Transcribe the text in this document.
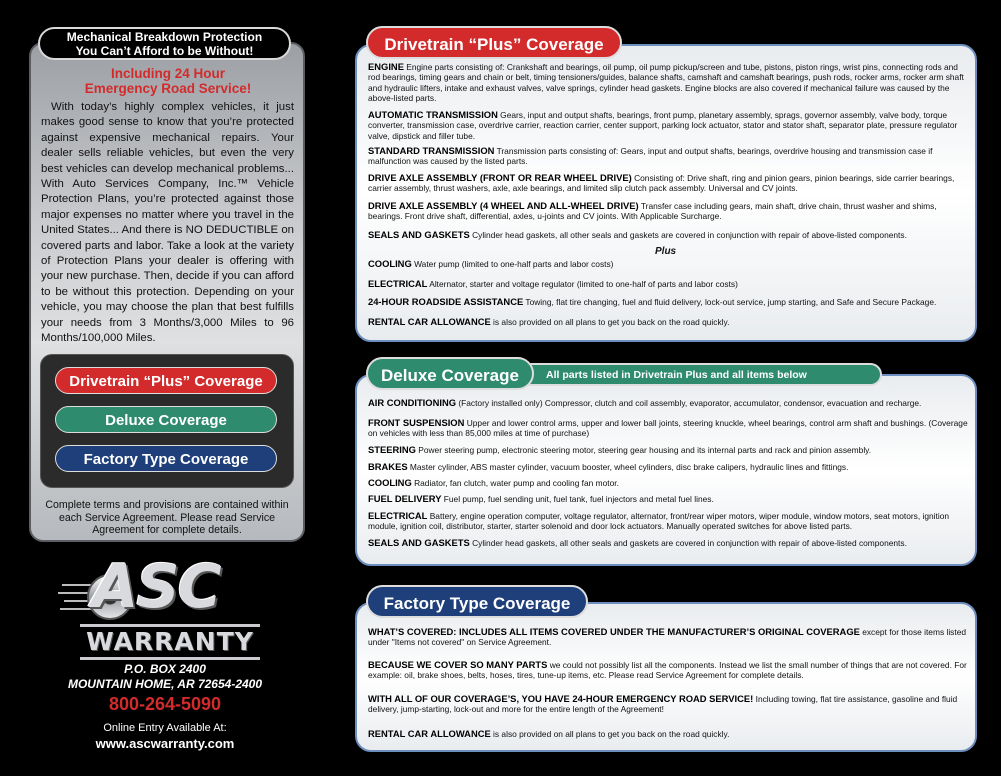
Mechanical Breakdown Protection
You Can’t Afford to be Without!
Including 24 Hour
Emergency Road Service!
With today’s highly complex vehicles, it just makes good sense to know that you’re protected against expensive mechanical repairs. Your dealer sells reliable vehicles, but even the very best vehicles can develop mechanical problems... With Auto Services Company, Inc.™ Vehicle Protection Plans, you’re protected against those major expenses no matter where you travel in the United States... And there is NO DEDUCTIBLE on covered parts and labor. Take a look at the variety of Protection Plans your dealer is offering with your new purchase. Then, decide if you can afford to be without this protection. Depending on your vehicle, you may choose the plan that best fulfills your needs from 3 Months/3,000 Miles to 96 Months/100,000 Miles.
Drivetrain “Plus” Coverage
Deluxe Coverage
Factory Type Coverage
Complete terms and provisions are contained within each Service Agreement. Please read Service Agreement for complete details.
ASC
WARRANTY
P.O. BOX 2400
MOUNTAIN HOME, AR 72654-2400
800-264-5090
Online Entry Available At:
www.ascwarranty.com
Drivetrain “Plus” Coverage
ENGINE Engine parts consisting of: Crankshaft and bearings, oil pump, oil pump pickup/screen and tube, pistons, piston rings, wrist pins, connecting rods and rod bearings, timing gears and chain or belt, timing tensioners/guides, balance shafts, camshaft and camshaft bearings, push rods, rocker arms, rocker arm shaft and hydraulic lifters, intake and exhaust valves, valve springs, cylinder head gaskets. Engine blocks are also covered if mechanical failure was caused by the above-listed parts.
AUTOMATIC TRANSMISSION Gears, input and output shafts, bearings, front pump, planetary assembly, sprags, governor assembly, valve body, torque converter, transmission case, overdrive carrier, reaction carrier, center support, parking lock actuator, stator and stator shaft, separator plate, pressure regulator valve, dipstick and filler tube.
STANDARD TRANSMISSION Transmission parts consisting of: Gears, input and output shafts, bearings, overdrive housing and transmission case if malfunction was caused by the listed parts.
DRIVE AXLE ASSEMBLY (FRONT OR REAR WHEEL DRIVE) Consisting of: Drive shaft, ring and pinion gears, pinion bearings, side carrier bearings, carrier assembly, thrust washers, axle, axle bearings, and limited slip clutch pack assembly. Universal and CV joints.
DRIVE AXLE ASSEMBLY (4 WHEEL AND ALL-WHEEL DRIVE) Transfer case including gears, main shaft, drive chain, thrust washer and shims, bearings. Front drive shaft, differential, axles, u-joints and CV joints. With Applicable Surcharge.
SEALS AND GASKETS Cylinder head gaskets, all other seals and gaskets are covered in conjunction with repair of above-listed components.
Plus
COOLING Water pump (limited to one-half parts and labor costs)
ELECTRICAL Alternator, starter and voltage regulator (limited to one-half of parts and labor costs)
24-HOUR ROADSIDE ASSISTANCE Towing, flat tire changing, fuel and fluid delivery, lock-out service, jump starting, and Safe and Secure Package.
RENTAL CAR ALLOWANCE is also provided on all plans to get you back on the road quickly.
All parts listed in Drivetrain Plus and all items below
Deluxe Coverage
AIR CONDITIONING (Factory installed only) Compressor, clutch and coil assembly, evaporator, accumulator, condensor, evacuation and recharge.
FRONT SUSPENSION Upper and lower control arms, upper and lower ball joints, steering knuckle, wheel bearings, control arm shaft and bushings. (Coverage on vehicles with less than 85,000 miles at time of purchase)
STEERING Power steering pump, electronic steering motor, steering gear housing and its internal parts and rack and pinion assembly.
BRAKES Master cylinder, ABS master cylinder, vacuum booster, wheel cylinders, disc brake calipers, hydraulic lines and fittings.
COOLING Radiator, fan clutch, water pump and cooling fan motor.
FUEL DELIVERY Fuel pump, fuel sending unit, fuel tank, fuel injectors and metal fuel lines.
ELECTRICAL Battery, engine operation computer, voltage regulator, alternator, front/rear wiper motors, wiper module, window motors, seat motors, ignition module, ignition coil, distributor, starter, starter solenoid and door lock actuators. Manually operated switches for above listed parts.
SEALS AND GASKETS Cylinder head gaskets, all other seals and gaskets are covered in conjunction with repair of above-listed components.
Factory Type Coverage
WHAT’S COVERED: INCLUDES ALL ITEMS COVERED UNDER THE MANUFACTURER’S ORIGINAL COVERAGE except for those items listed under "Items not covered" on Service Agreement.
BECAUSE WE COVER SO MANY PARTS we could not possibly list all the components. Instead we list the small number of things that are not covered. For example: oil, brake shoes, belts, hoses, tires, tune-up items, etc. Please read Service Agreement for complete details.
WITH ALL OF OUR COVERAGE’S, YOU HAVE 24-HOUR EMERGENCY ROAD SERVICE! Including towing, flat tire assistance, gasoline and fluid delivery, jump-starting, lock-out and more for the entire length of the Agreement!
RENTAL CAR ALLOWANCE is also provided on all plans to get you back on the road quickly.
